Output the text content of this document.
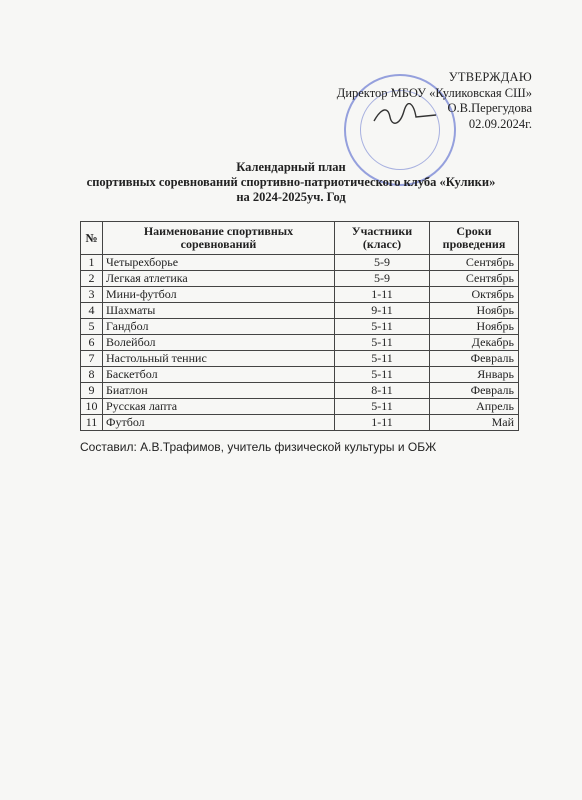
УТВЕРЖДАЮ
Директор МБОУ «Куликовская СШ»
О.В.Перегудова
02.09.2024г.
Календарный план
спортивных соревнований спортивно-патриотического клуба «Кулики»
на 2024-2025уч. Год
№	Наименование спортивных соревнований	Участники (класс)	Сроки проведения
1	Четырехборье	5-9	Сентябрь
2	Легкая атлетика	5-9	Сентябрь
3	Мини-футбол	1-11	Октябрь
4	Шахматы	9-11	Ноябрь
5	Гандбол	5-11	Ноябрь
6	Волейбол	5-11	Декабрь
7	Настольный теннис	5-11	Февраль
8	Баскетбол	5-11	Январь
9	Биатлон	8-11	Февраль
10	Русская лапта	5-11	Апрель
11	Футбол	1-11	Май
Составил: А.В.Трафимов, учитель физической культуры и ОБЖ
